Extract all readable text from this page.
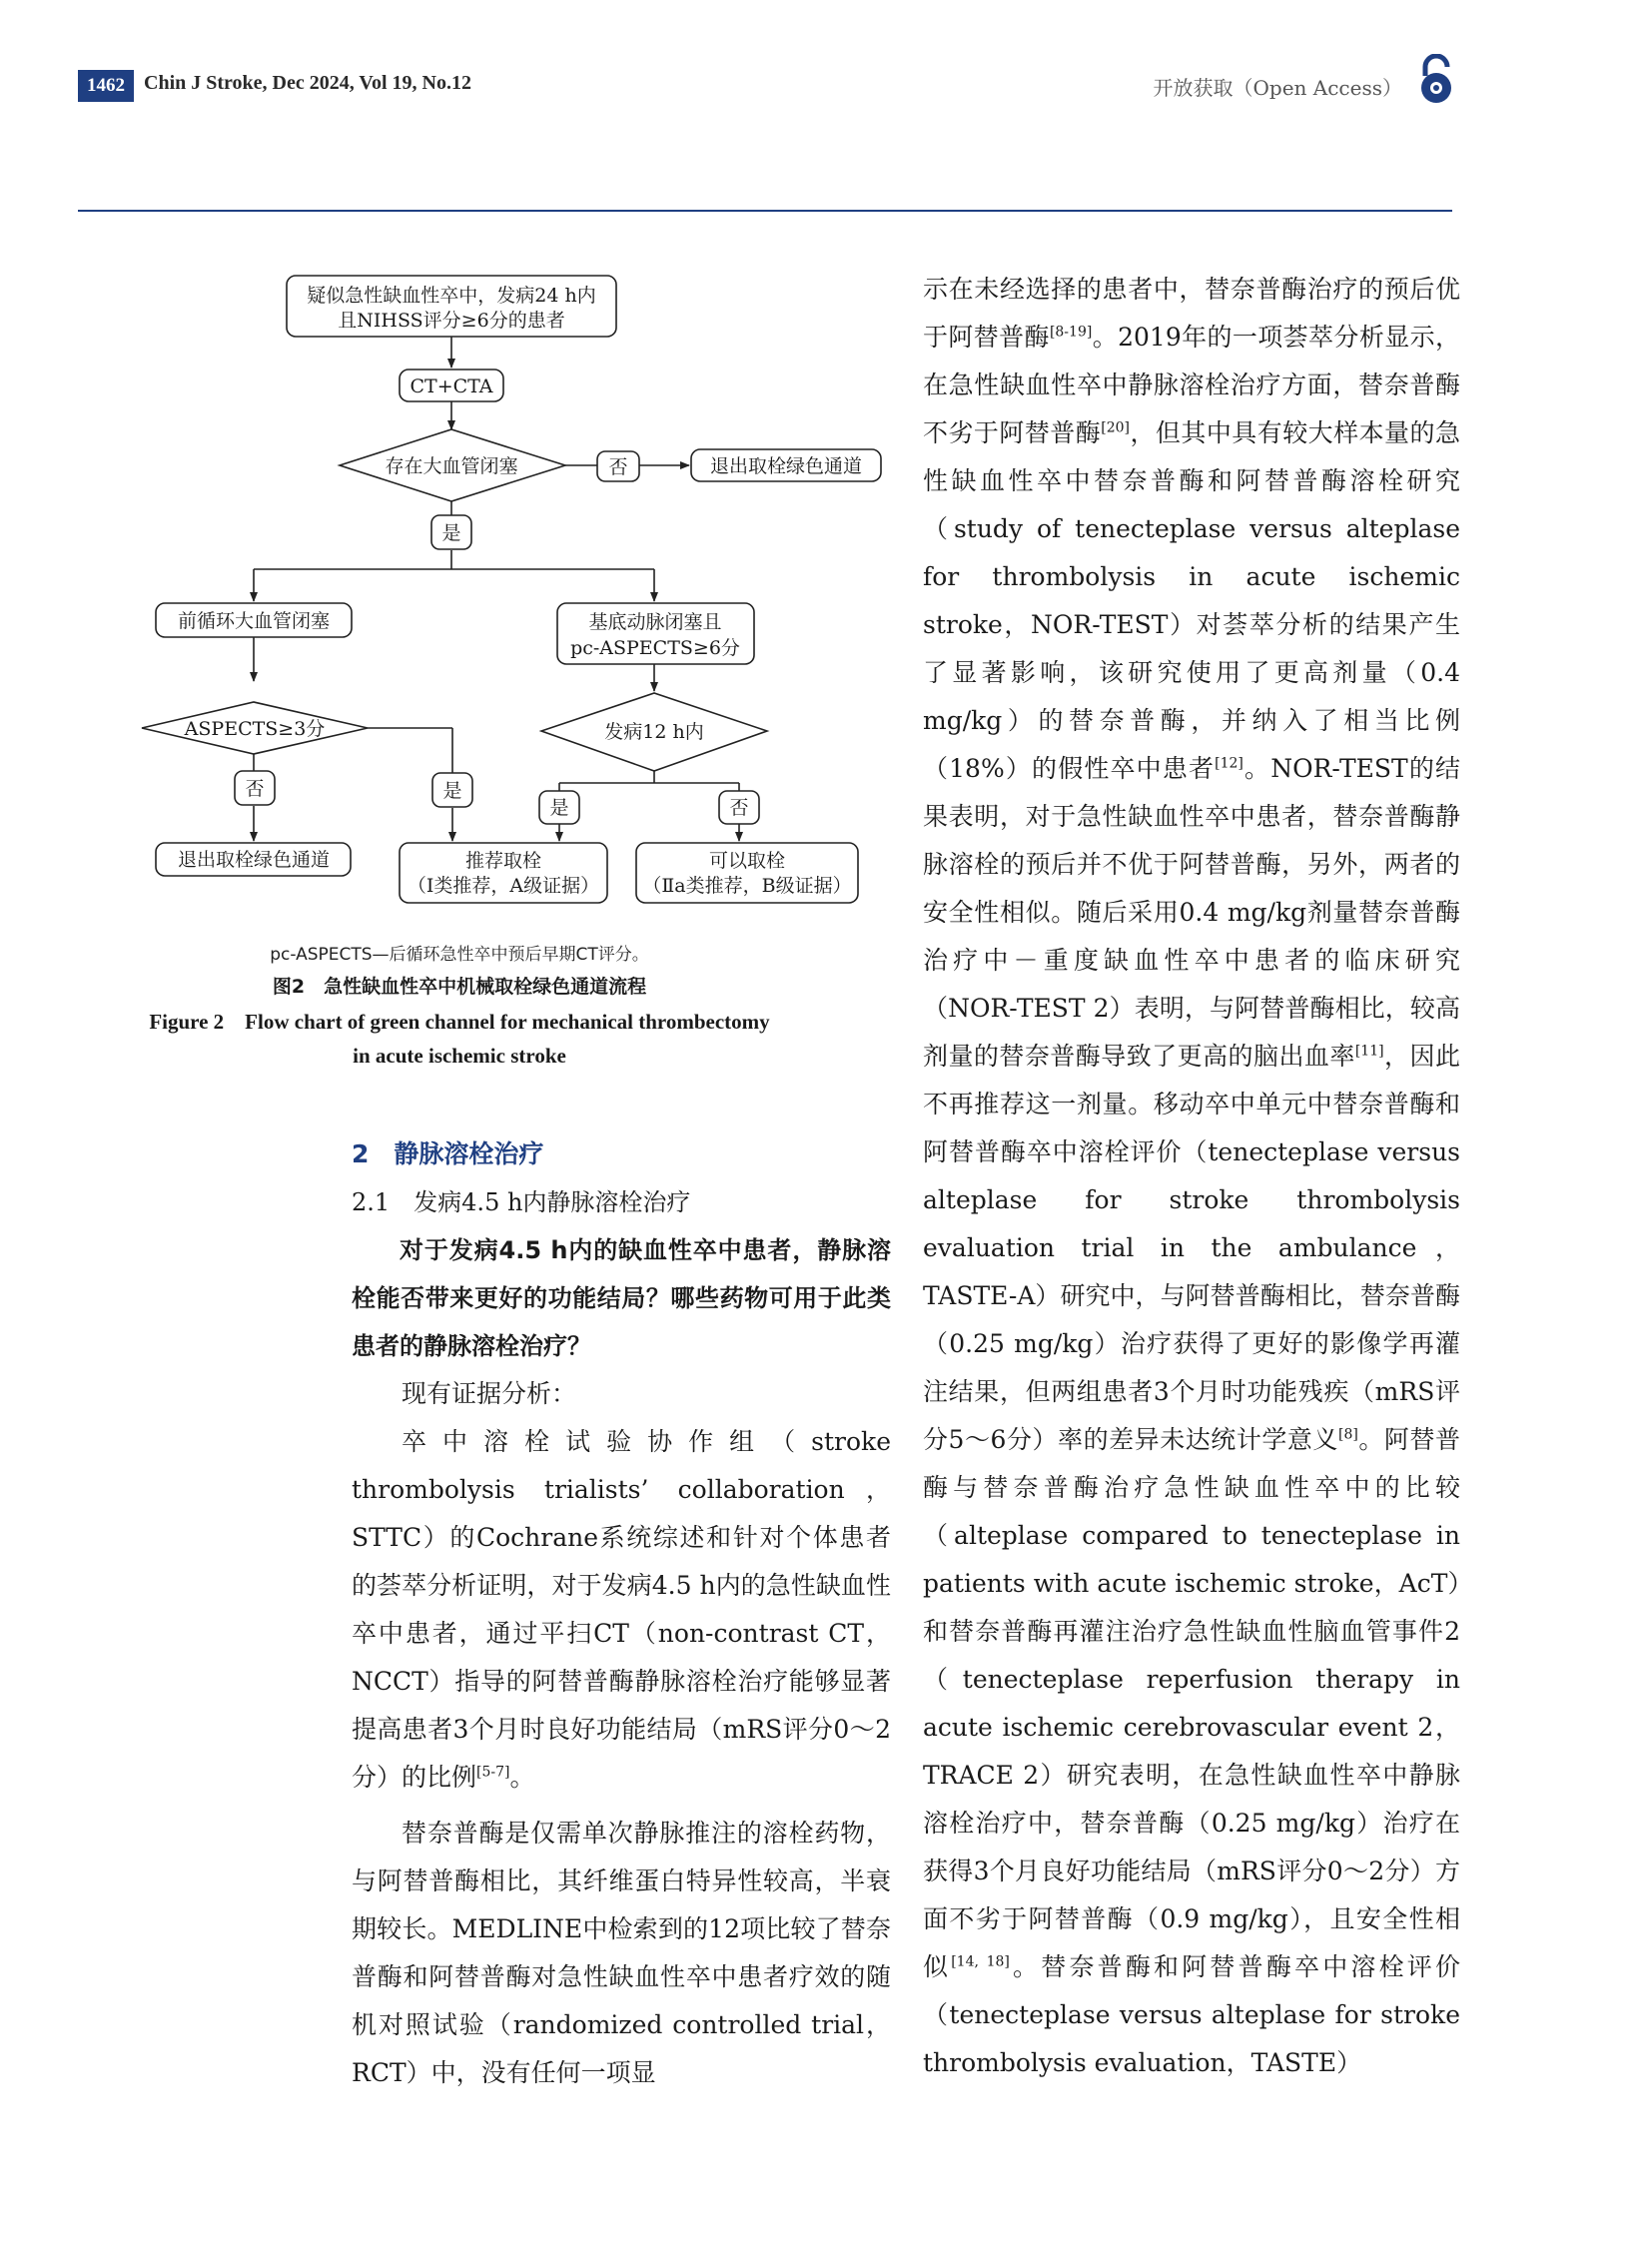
1462 Chin J Stroke, Dec 2024, Vol 19, No.12	开放获取（Open Access）
疑似急性缺血性卒中，发病24 h内
且NIHSS评分≥6分的患者
CT+CTA
存在大血管闭塞	否	退出取栓绿色通道
是
前循环大血管闭塞	基底动脉闭塞且
pc-ASPECTS≥6分
ASPECTS≥3分	发病12 h内
否	是
是	否
退出取栓绿色通道	推荐取栓
（Ⅰ类推荐，A级证据）
可以取栓
（Ⅱa类推荐，B级证据）
pc-ASPECTS—后循环急性卒中预后早期CT评分。
图2　急性缺血性卒中机械取栓绿色通道流程
Figure 2　Flow chart of green channel for mechanical thrombectomy
in acute ischemic stroke

2　静脉溶栓治疗

2.1　发病4.5 h内静脉溶栓治疗

对于发病4.5 h内的缺血性卒中患者，静脉溶栓能否带来更好的功能结局？哪些药物可用于此类患者的静脉溶栓治疗？

现有证据分析：

卒中溶栓试验协作组（stroke thrombolysis trialists’ collaboration，STTC）的Cochrane系统综述和针对个体患者的荟萃分析证明，对于发病4.5 h内的急性缺血性卒中患者，通过平扫CT（non-contrast CT，NCCT）指导的阿替普酶静脉溶栓治疗能够显著提高患者3个月时良好功能结局（mRS评分0～2分）的比例[5-7]。

替奈普酶是仅需单次静脉推注的溶栓药物，与阿替普酶相比，其纤维蛋白特异性较高，半衰期较长。MEDLINE中检索到的12项比较了替奈普酶和阿替普酶对急性缺血性卒中患者疗效的随机对照试验（randomized controlled trial，RCT）中，没有任何一项显

示在未经选择的患者中，替奈普酶治疗的预后优于阿替普酶[8-19]。2019年的一项荟萃分析显示，在急性缺血性卒中静脉溶栓治疗方面，替奈普酶不劣于阿替普酶[20]，但其中具有较大样本量的急性缺血性卒中替奈普酶和阿替普酶溶栓研究（study of tenecteplase versus alteplase for thrombolysis in acute ischemic stroke，NOR-TEST）对荟萃分析的结果产生了显著影响，该研究使用了更高剂量（0.4 mg/kg）的替奈普酶，并纳入了相当比例（18%）的假性卒中患者[12]。NOR-TEST的结果表明，对于急性缺血性卒中患者，替奈普酶静脉溶栓的预后并不优于阿替普酶，另外，两者的安全性相似。随后采用0.4 mg/kg剂量替奈普酶治疗中－重度缺血性卒中患者的临床研究（NOR-TEST 2）表明，与阿替普酶相比，较高剂量的替奈普酶导致了更高的脑出血率[11]，因此不再推荐这一剂量。移动卒中单元中替奈普酶和阿替普酶卒中溶栓评价（tenecteplase versus alteplase for stroke thrombolysis evaluation trial in the ambulance，TASTE-A）研究中，与阿替普酶相比，替奈普酶（0.25 mg/kg）治疗获得了更好的影像学再灌注结果，但两组患者3个月时功能残疾（mRS评分5～6分）率的差异未达统计学意义[8]。阿替普酶与替奈普酶治疗急性缺血性卒中的比较（alteplase compared to tenecteplase in patients with acute ischemic stroke，AcT）和替奈普酶再灌注治疗急性缺血性脑血管事件2（tenecteplase reperfusion therapy in acute ischemic cerebrovascular event 2，TRACE 2）研究表明，在急性缺血性卒中静脉溶栓治疗中，替奈普酶（0.25 mg/kg）治疗在获得3个月良好功能结局（mRS评分0～2分）方面不劣于阿替普酶（0.9 mg/kg），且安全性相似[14, 18]。替奈普酶和阿替普酶卒中溶栓评价（tenecteplase versus alteplase for stroke thrombolysis evaluation，TASTE）
